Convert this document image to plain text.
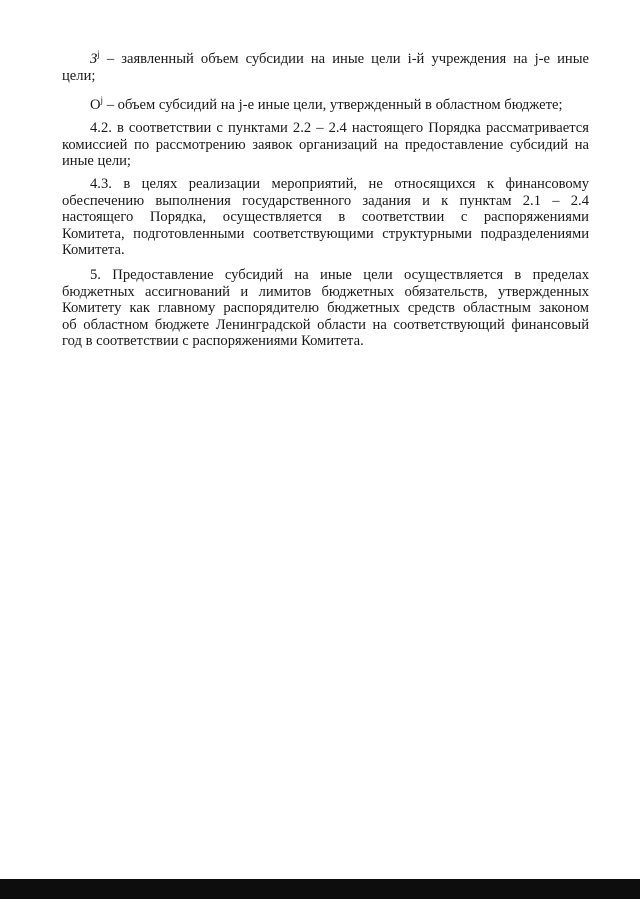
$З^j$ – заявленный объем субсидии на иные цели i-й учреждения на j-е иные
цели;
$О^j$ – объем субсидий на j-е иные цели, утвержденный в областном бюджете;
4.2. в соответствии с пунктами 2.2 – 2.4 настоящего Порядка рассматривается
комиссией по рассмотрению заявок организаций на предоставление субсидий на
иные цели;
4.3. в целях реализации мероприятий, не относящихся к финансовому
обеспечению выполнения государственного задания и к пунктам 2.1 – 2.4
настоящего Порядка, осуществляется в соответствии с распоряжениями
Комитета, подготовленными соответствующими структурными подразделениями
Комитета.
5. Предоставление субсидий на иные цели осуществляется в пределах
бюджетных ассигнований и лимитов бюджетных обязательств, утвержденных
Комитету как главному распорядителю бюджетных средств областным законом
об областном бюджете Ленинградской области на соответствующий финансовый
год в соответствии с распоряжениями Комитета.
